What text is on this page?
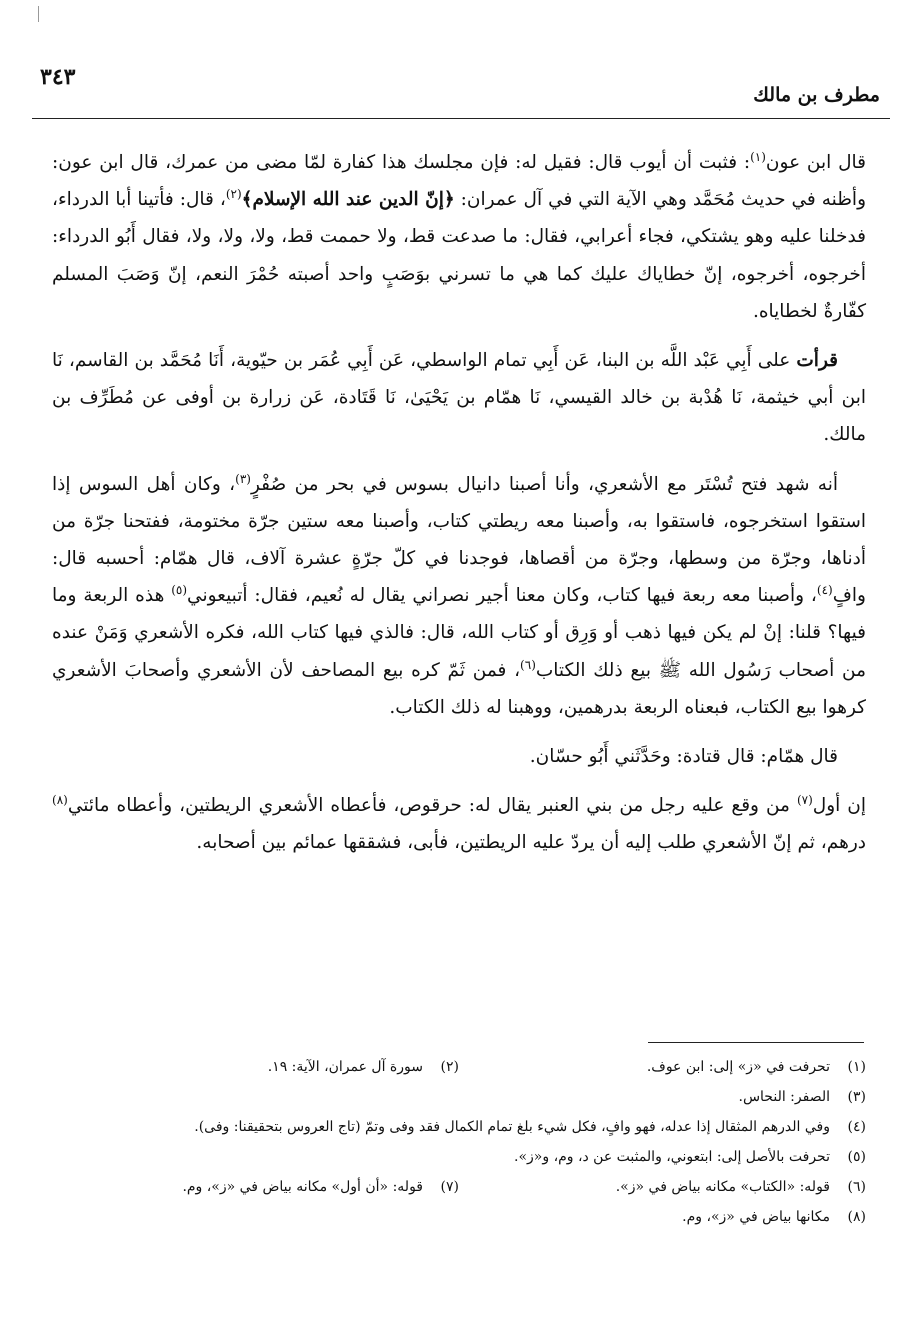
مطرف بن مالك
٣٤٣

قال ابن عون$^{(١)}$: فثبت أن أيوب قال: فقيل له: فإن مجلسك هذا كفارة لمّا مضى من عمرك، قال ابن عون: وأظنه في حديث مُحَمَّد وهي الآية التي في آل عمران: ﴿إنّ الدين عند الله الإسلام﴾$^{(٢)}$، قال: فأتينا أبا الدرداء، فدخلنا عليه وهو يشتكي، فجاء أعرابي، فقال: ما صدعت قط، ولا حممت قط، ولا، ولا، ولا، فقال أَبُو الدرداء: أخرجوه، أخرجوه، إنّ خطاياك عليك كما هي ما تسرني بوَصَبٍ واحد أصبته حُمْرَ النعم، إنّ وَصَبَ المسلم كفّارةٌ لخطاياه.

قرأت على أَبِي عَبْد اللَّه بن البنا، عَن أَبِي تمام الواسطي، عَن أَبِي عُمَر بن حيّوية، أَنَا مُحَمَّد بن القاسم، نَا ابن أبي خيثمة، نَا هُدْبة بن خالد القيسي، نَا همّام بن يَحْيَىٰ، نَا قَتَادة، عَن زرارة بن أوفى عن مُطَرِّف بن مالك.

أنه شهد فتح تُسْتَر مع الأشعري، وأنا أصبنا دانيال بسوس في بحر من صُفْرٍ$^{(٣)}$، وكان أهل السوس إذا استقوا استخرجوه، فاستقوا به، وأصبنا معه ريطتي كتاب، وأصبنا معه ستين جرّة مختومة، ففتحنا جرّة من أدناها، وجرّة من وسطها، وجرّة من أقصاها، فوجدنا في كلّ جرّةٍ عشرة آلاف، قال همّام: أحسبه قال: وافٍ$^{(٤)}$، وأصبنا معه ربعة فيها كتاب، وكان معنا أجير نصراني يقال له نُعيم، فقال: أتبيعوني$^{(٥)}$ هذه الربعة وما فيها؟ قلنا: إنْ لم يكن فيها ذهب أو وَرِق أو كتاب الله، قال: فالذي فيها كتاب الله، فكره الأشعري وَمَنْ عنده من أصحاب رَسُول الله ﷺ بيع ذلك الكتاب$^{(٦)}$، فمن ثَمّ كره بيع المصاحف لأن الأشعري وأصحابَ الأشعري كرهوا بيع الكتاب، فبعناه الربعة بدرهمين، ووهبنا له ذلك الكتاب.

قال همّام: قال قتادة: وحَدَّثَني أَبُو حسّان.

إن أول$^{(٧)}$ من وقع عليه رجل من بني العنبر يقال له: حرقوص، فأعطاه الأشعري الريطتين، وأعطاه مائتي$^{(٨)}$ درهم، ثم إنّ الأشعري طلب إليه أن يردّ عليه الريطتين، فأبى، فشققها عمائم بين أصحابه.

(١)تحرفت في «ز» إلى: ابن عوف.

(٢)سورة آل عمران، الآية: ١٩.

(٣)الصفر: النحاس.

(٤)وفي الدرهم المثقال إذا عدله، فهو وافٍ، فكل شيء بلغ تمام الكمال فقد وفى وتمّ (تاج العروس بتحقيقنا: وفى).

(٥)تحرفت بالأصل إلى: ابتعوني، والمثبت عن د، وم، و«ز».

(٦)قوله: «الكتاب» مكانه بياض في «ز».

(٧)قوله: «أن أول» مكانه بياض في «ز»، وم.

(٨)مكانها بياض في «ز»، وم.
